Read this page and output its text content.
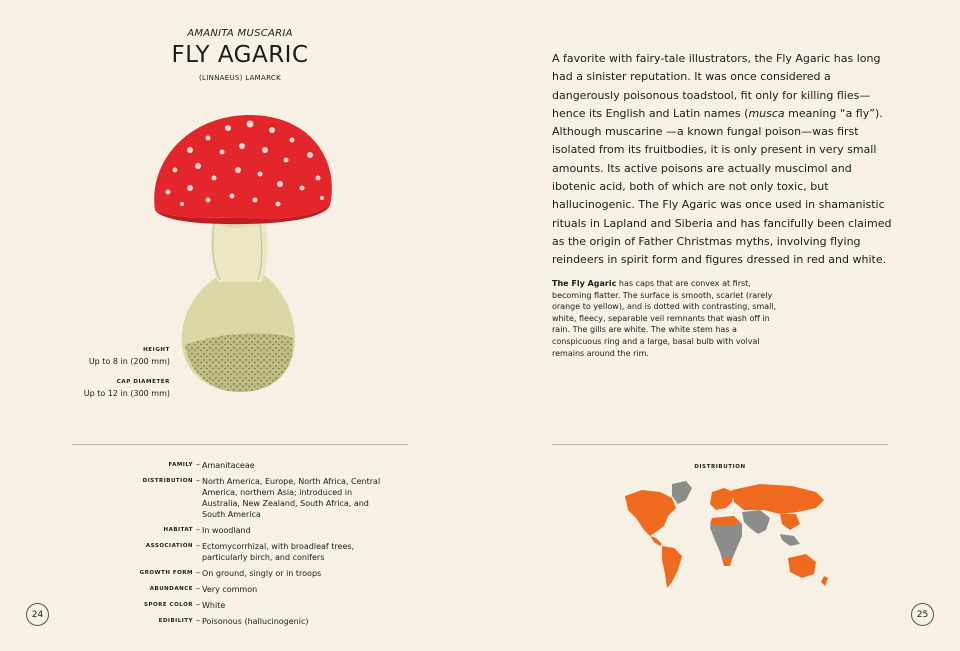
AMANITA MUSCARIA
FLY AGARIC
(LINNAEUS) LAMARCK
HEIGHT
Up to 8 in (200 mm)
CAP DIAMETER
Up to 12 in (300 mm)
FAMILY – Amanitaceae
DISTRIBUTION – North America, Europe, North Africa, Central America, northern Asia; introduced in Australia, New Zealand, South Africa, and South America
HABITAT – In woodland
ASSOCIATION – Ectomycorrhizal, with broadleaf trees, particularly birch, and conifers
GROWTH FORM – On ground, singly or in troops
ABUNDANCE – Very common
SPORE COLOR – White
EDIBILITY – Poisonous (hallucinogenic)
24

A favorite with fairy-tale illustrators, the Fly Agaric has long had a sinister reputation. It was once considered a dangerously poisonous toadstool, fit only for killing flies—hence its English and Latin names (musca meaning “a fly”). Although muscarine —a known fungal poison—was first isolated from its fruitbodies, it is only present in very small amounts. Its active poisons are actually muscimol and ibotenic acid, both of which are not only toxic, but hallucinogenic. The Fly Agaric was once used in shamanistic rituals in Lapland and Siberia and has fancifully been claimed as the origin of Father Christmas myths, involving flying reindeers in spirit form and figures dressed in red and white.

The Fly Agaric has caps that are convex at first, becoming flatter. The surface is smooth, scarlet (rarely orange to yellow), and is dotted with contrasting, small, white, fleecy, separable veil remnants that wash off in rain. The gills are white. The white stem has a conspicuous ring and a large, basal bulb with volval remains around the rim.

DISTRIBUTION
25
